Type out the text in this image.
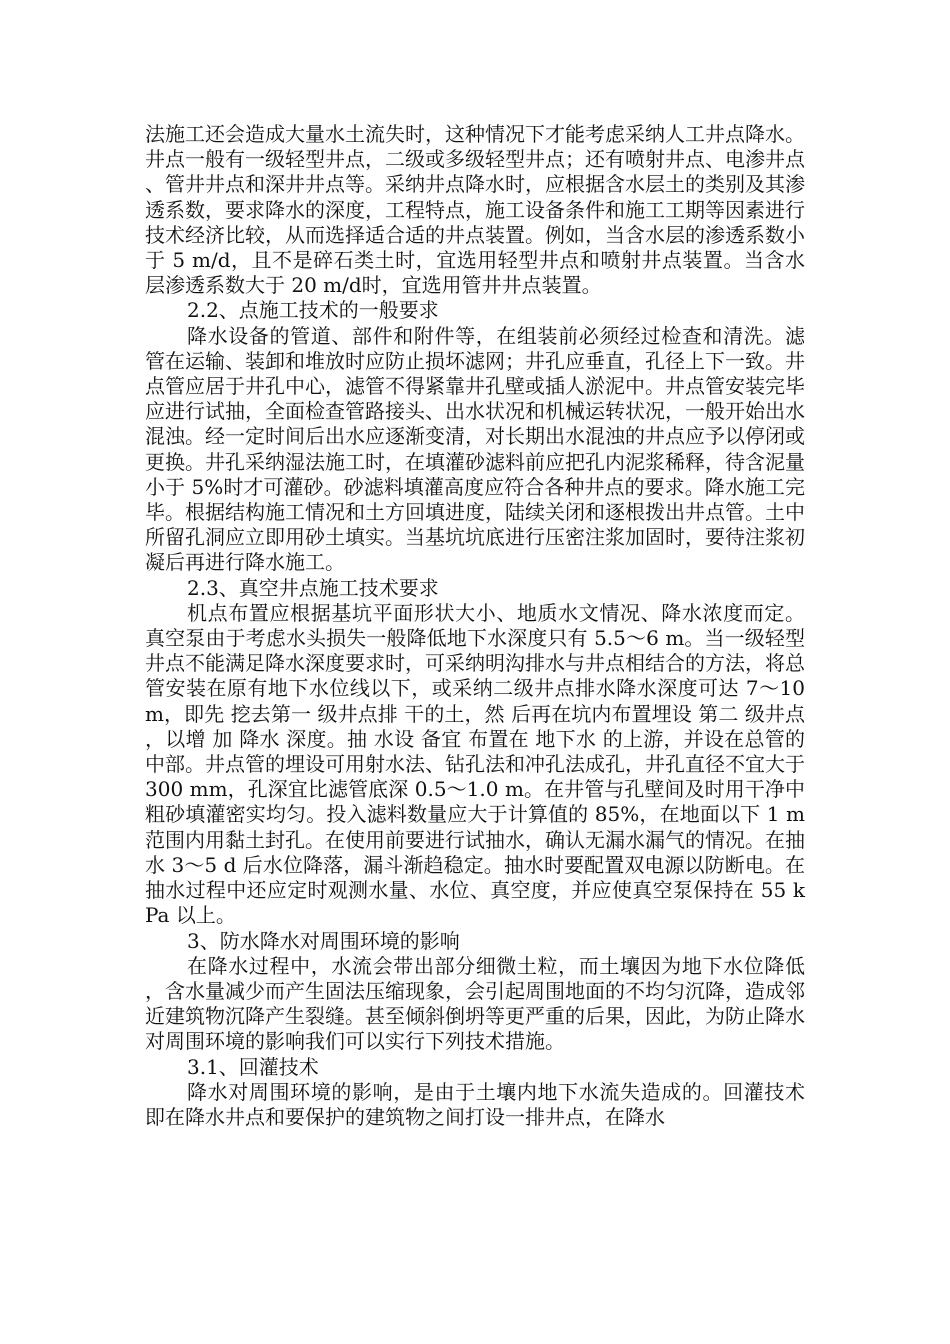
法施工还会造成大量水土流失时，这种情况下才能考虑采纳人工井点降水。井点一般有一级轻型井点，二级或多级轻型井点；还有喷射井点、电渗井点、管井井点和深井井点等。采纳井点降水时，应根据含水层土的类别及其渗透系数，要求降水的深度，工程特点，施工设备条件和施工工期等因素进行技术经济比较，从而选择适合适的井点装置。例如，当含水层的渗透系数小于 5 m/d，且不是碎石类土时，宜选用轻型井点和喷射井点装置。当含水层渗透系数大于 20 m/d时，宜选用管井井点装置。

2.2、点施工技术的一般要求

降水设备的管道、部件和附件等，在组装前必须经过检查和清洗。滤管在运输、装卸和堆放时应防止损坏滤网；井孔应垂直，孔径上下一致。井点管应居于井孔中心，滤管不得紧靠井孔壁或插人淤泥中。井点管安装完毕应进行试抽，全面检查管路接头、出水状况和机械运转状况，一般开始出水混浊。经一定时间后出水应逐渐变清，对长期出水混浊的井点应予以停闭或更换。井孔采纳湿法施工时，在填灌砂滤料前应把孔内泥浆稀释，待含泥量小于 5%时才可灌砂。砂滤料填灌高度应符合各种井点的要求。降水施工完毕。根据结构施工情况和土方回填进度，陆续关闭和逐根拨出井点管。土中所留孔洞应立即用砂土填实。当基坑坑底进行压密注浆加固时，要待注浆初凝后再进行降水施工。

2.3、真空井点施工技术要求

机点布置应根据基坑平面形状大小、地质水文情况、降水浓度而定。真空泵由于考虑水头损失一般降低地下水深度只有 5.5～6 m。当一级轻型井点不能满足降水深度要求时，可采纳明沟排水与井点相结合的方法，将总管安装在原有地下水位线以下，或采纳二级井点排水降水深度可达 7～10 m，即先 挖去第一 级井点排 干的土，然 后再在坑内布置埋设 第二 级井点，以增 加 降水 深度。抽 水设 备宜 布置在 地下水 的上游，并设在总管的中部。井点管的埋设可用射水法、钻孔法和冲孔法成孔，井孔直径不宜大于 300 mm，孔深宜比滤管底深 0.5～1.0 m。在井管与孔壁间及时用干净中粗砂填灌密实均匀。投入滤料数量应大于计算值的 85%，在地面以下 1 m 范围内用黏土封孔。在使用前要进行试抽水，确认无漏水漏气的情况。在抽水 3～5 d 后水位降落，漏斗渐趋稳定。抽水时要配置双电源以防断电。在抽水过程中还应定时观测水量、水位、真空度，并应使真空泵保持在 55 kPa 以上。

3、防水降水对周围环境的影响

在降水过程中，水流会带出部分细微土粒，而土壤因为地下水位降低，含水量减少而产生固法压缩现象，会引起周围地面的不均匀沉降，造成邻近建筑物沉降产生裂缝。甚至倾斜倒坍等更严重的后果，因此，为防止降水对周围环境的影响我们可以实行下列技术措施。

3.1、回灌技术

降水对周围环境的影响，是由于土壤内地下水流失造成的。回灌技术即在降水井点和要保护的建筑物之间打设一排井点，在降水
